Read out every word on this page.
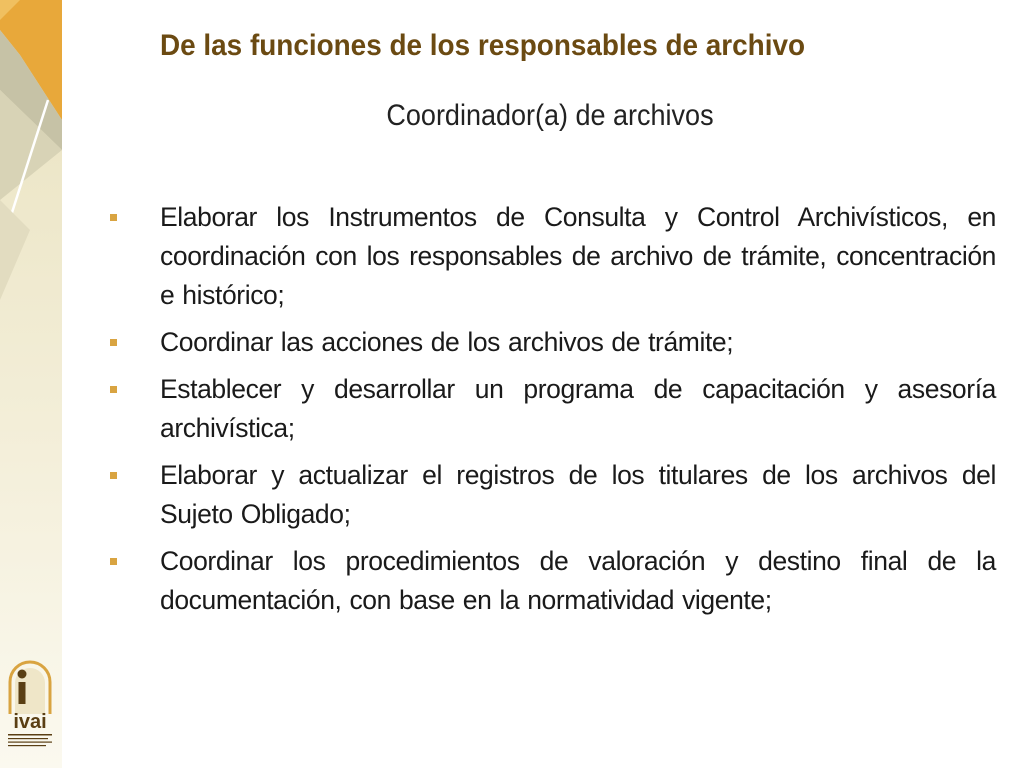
De las funciones de los responsables de archivo
Coordinador(a) de archivos
Elaborar los Instrumentos de Consulta y Control Archivísticos, en coordinación con los responsables de archivo de trámite, concentración e histórico;
Coordinar las acciones de los archivos de trámite;
Establecer y desarrollar un programa de capacitación y asesoría archivística;
Elaborar y actualizar el registros de los titulares de los archivos del Sujeto Obligado;
Coordinar los procedimientos de valoración y destino final de la documentación, con base en la normatividad vigente;
ivai
